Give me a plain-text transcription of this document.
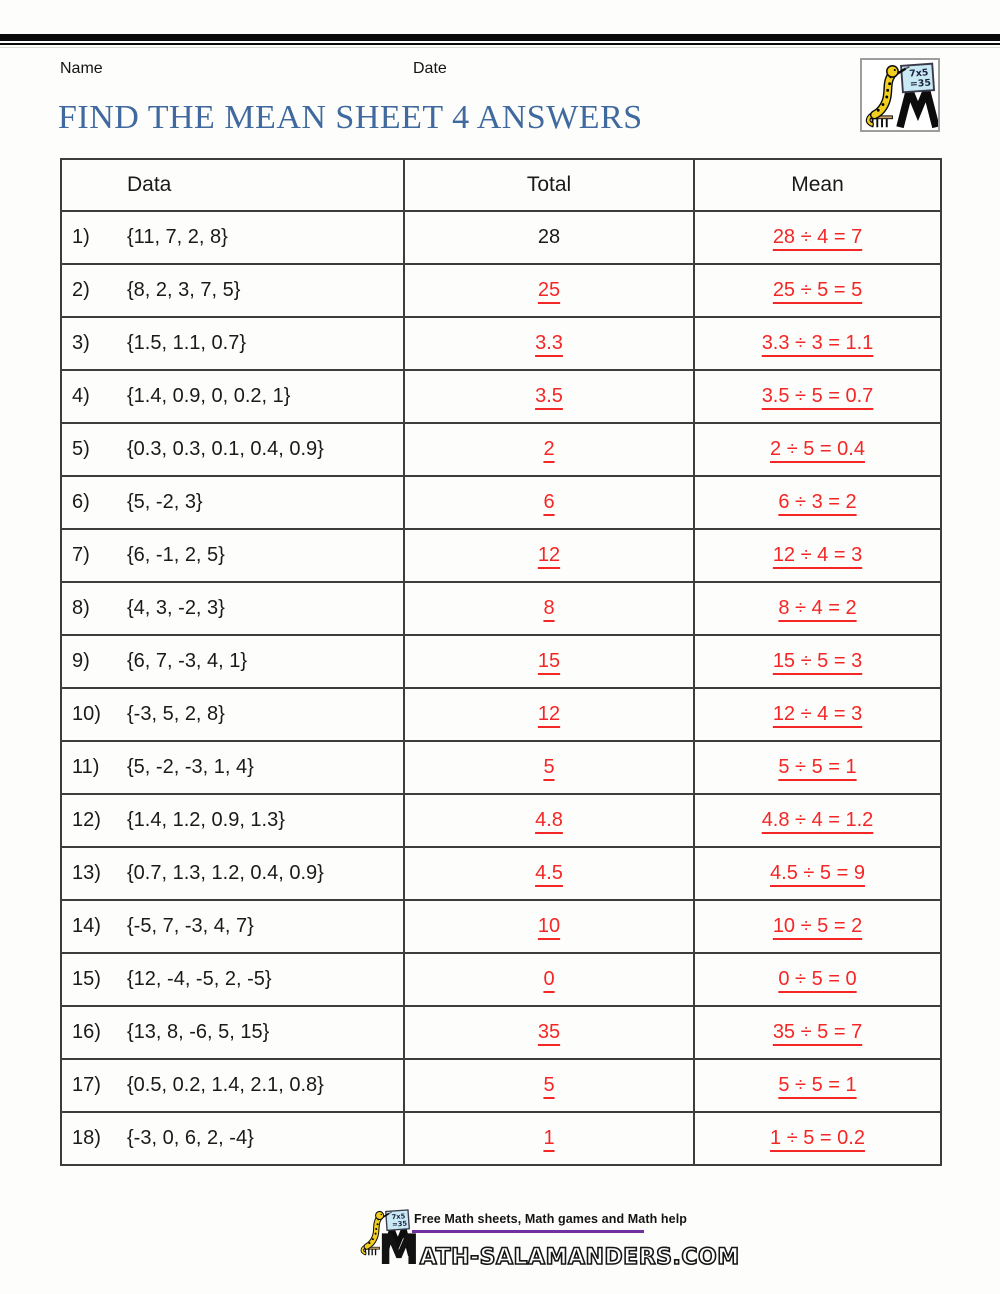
Name	Date
FIND THE MEAN SHEET 4 ANSWERS
Data	Total	Mean
1) {11, 7, 2, 8}	28	28 ÷ 4 = 7
2) {8, 2, 3, 7, 5}	25	25 ÷ 5 = 5
3) {1.5, 1.1, 0.7}	3.3	3.3 ÷ 3 = 1.1
4) {1.4, 0.9, 0, 0.2, 1}	3.5	3.5 ÷ 5 = 0.7
5) {0.3, 0.3, 0.1, 0.4, 0.9}	2	2 ÷ 5 = 0.4
6) {5, -2, 3}	6	6 ÷ 3 = 2
7) {6, -1, 2, 5}	12	12 ÷ 4 = 3
8) {4, 3, -2, 3}	8	8 ÷ 4 = 2
9) {6, 7, -3, 4, 1}	15	15 ÷ 5 = 3
10) {-3, 5, 2, 8}	12	12 ÷ 4 = 3
11) {5, -2, -3, 1, 4}	5	5 ÷ 5 = 1
12) {1.4, 1.2, 0.9, 1.3}	4.8	4.8 ÷ 4 = 1.2
13) {0.7, 1.3, 1.2, 0.4, 0.9}	4.5	4.5 ÷ 5 = 9
14) {-5, 7, -3, 4, 7}	10	10 ÷ 5 = 2
15) {12, -4, -5, 2, -5}	0	0 ÷ 5 = 0
16) {13, 8, -6, 5, 15}	35	35 ÷ 5 = 7
17) {0.5, 0.2, 1.4, 2.1, 0.8}	5	5 ÷ 5 = 1
18) {-3, 0, 6, 2, -4}	1	1 ÷ 5 = 0.2
Free Math sheets, Math games and Math help
M ATH-SALAMANDERS.COM
